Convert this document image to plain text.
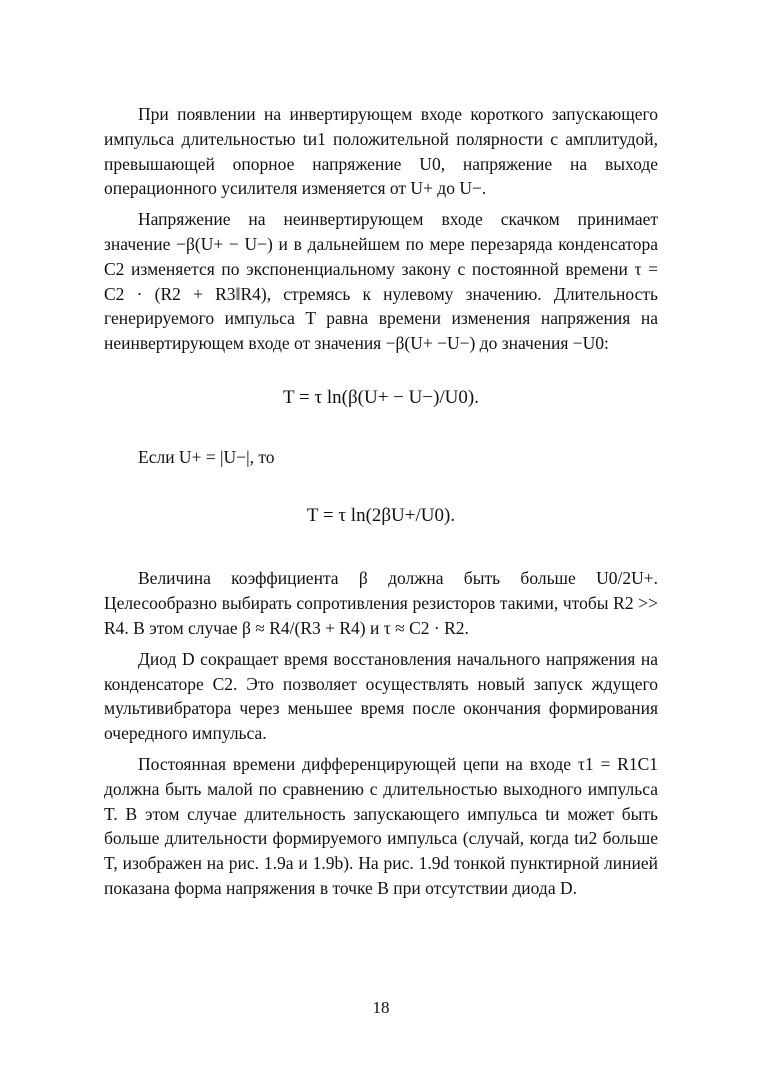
При появлении на инвертирующем входе короткого запускающего импульса длительностью tи1 положительной полярности с амплитудой, превышающей опорное напряжение U0, напряжение на выходе операционного усилителя изменяется от U+ до U−.

Напряжение на неинвертирующем входе скачком принимает значение −β(U+ − U−) и в дальнейшем по мере перезаряда конденсатора C2 изменяется по экспоненциальному закону с постоянной времени τ = C2 · (R2 + R3‖R4), стремясь к нулевому значению. Длительность генерируемого импульса T равна времени изменения напряжения на неинвертирующем входе от значения −β(U+ −U−) до значения −U0:

T = τ ln(β(U+ − U−)/U0).

Если U+ = |U−|, то

T = τ ln(2βU+/U0).

Величина коэффициента β должна быть больше U0/2U+. Целесообразно выбирать сопротивления резисторов такими, чтобы R2 >> R4. В этом случае β ≈ R4/(R3 + R4) и τ ≈ C2 · R2.

Диод D сокращает время восстановления начального напряжения на конденсаторе C2. Это позволяет осуществлять новый запуск ждущего мультивибратора через меньшее время после окончания формирования очередного импульса.

Постоянная времени дифференцирующей цепи на входе τ1 = R1C1 должна быть малой по сравнению с длительностью выходного импульса T. В этом случае длительность запускающего импульса tи может быть больше длительности формируемого импульса (случай, когда tи2 больше T, изображен на рис. 1.9a и 1.9b). На рис. 1.9d тонкой пунктирной линией показана форма напряжения в точке B при отсутствии диода D.

18
